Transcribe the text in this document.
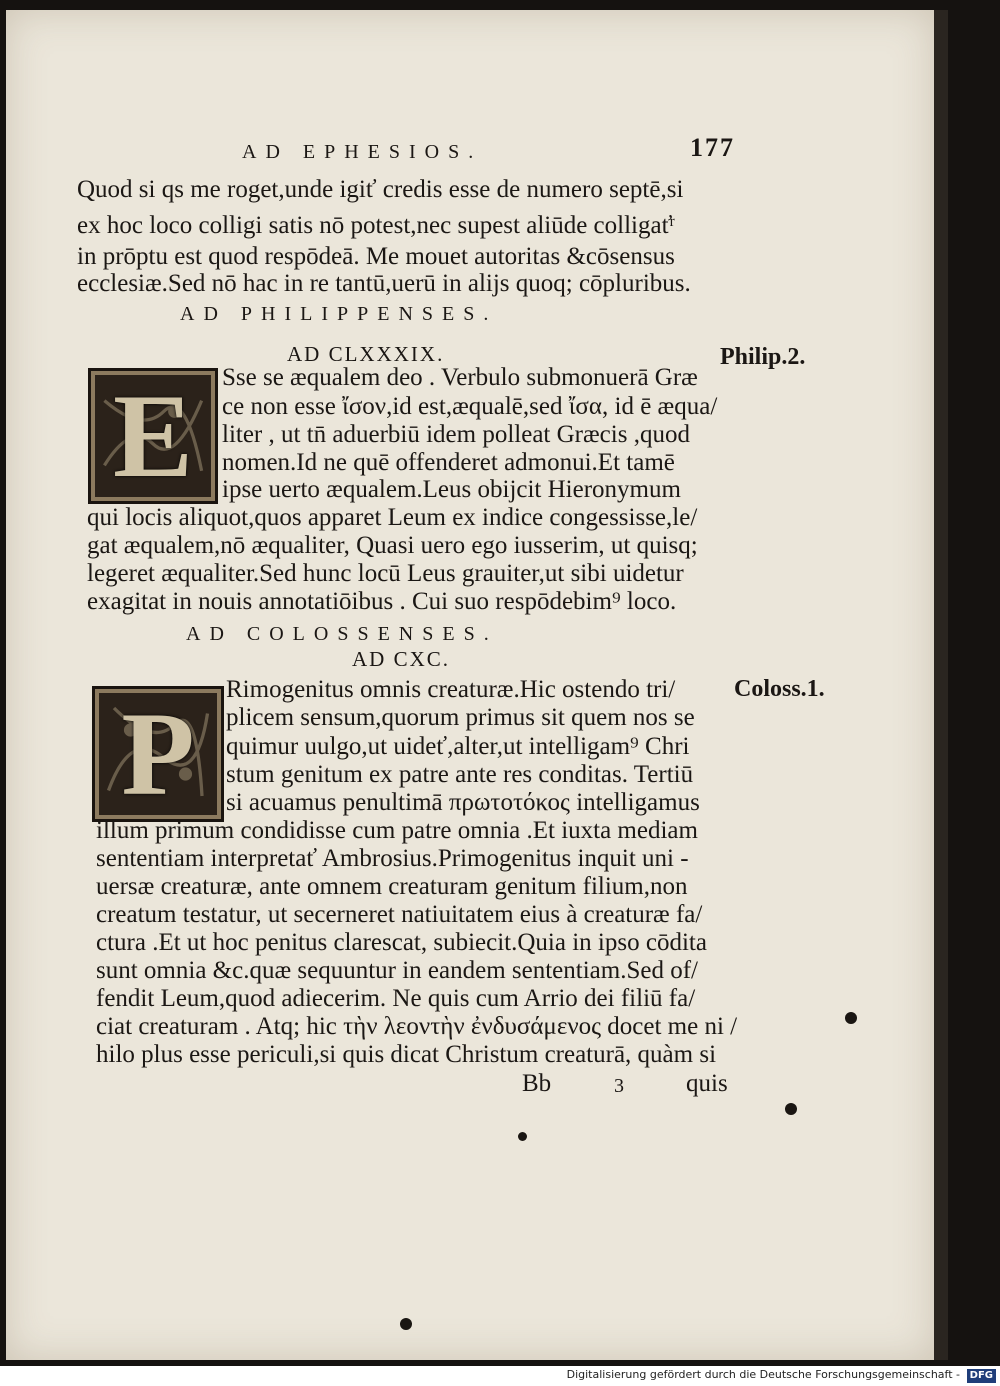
AD EPHESIOS.	177
Quod si qs me roget,unde igiť credis esse de numero septē,si
ex hoc loco colligi satis nō potest,nec supest aliūde colligaťͬ
in prōptu est quod respōdeā. Me mouet autoritas &cōsensus
ecclesiæ.Sed nō hac in re tantū,uerū in alijs quoq; cōpluribus.
AD PHILIPPENSES.
AD CLXXXIX.	Philip.2.
E	Sse se æqualem deo . Verbulo submonuerā Græ
ce non esse ἴσον,id est,æqualē,sed ἴσα, id ē æqua/
liter , ut tn̄ aduerbiū idem polleat Græcis ,quod
nomen.Id ne quē offenderet admonui.Et tamē
ipse uerto æqualem.Leus obijcit Hieronymum
qui locis aliquot,quos apparet Leum ex indice congessisse,le/
gat æqualem,nō æqualiter, Quasi uero ego iusserim, ut quisq;
legeret æqualiter.Sed hunc locū Leus grauiter,ut sibi uidetur
exagitat in nouis annotatiōibus . Cui suo respōdebim⁹ loco.
AD COLOSSENSES.
AD CXC.
Coloss.1.
P	Rimogenitus omnis creaturæ.Hic ostendo tri/
plicem sensum,quorum primus sit quem nos se
quimur uulgo,ut uideť,alter,ut intelligam⁹ Chri
stum genitum ex patre ante res conditas. Tertiū
si acuamus penultimā πρωτοτόκος intelligamus
illum primum condidisse cum patre omnia .Et iuxta mediam
sententiam interpretať Ambrosius.Primogenitus inquit uni -
uersæ creaturæ, ante omnem creaturam genitum filium,non
creatum testatur, ut secerneret natiuitatem eius à creaturæ fa/
ctura .Et ut hoc penitus clarescat, subiecit.Quia in ipso cōdita
sunt omnia &c.quæ sequuntur in eandem sententiam.Sed of/
fendit Leum,quod adiecerim. Ne quis cum Arrio dei filiū fa/
ciat creaturam . Atq; hic τὴν λεοντὴν ἐνδυσάμενος docet me ni /
hilo plus esse periculi,si quis dicat Christum creaturā, quàm si
Bb	3 quis
Digitalisierung gefördert durch die Deutsche Forschungsgemeinschaft - DFG
